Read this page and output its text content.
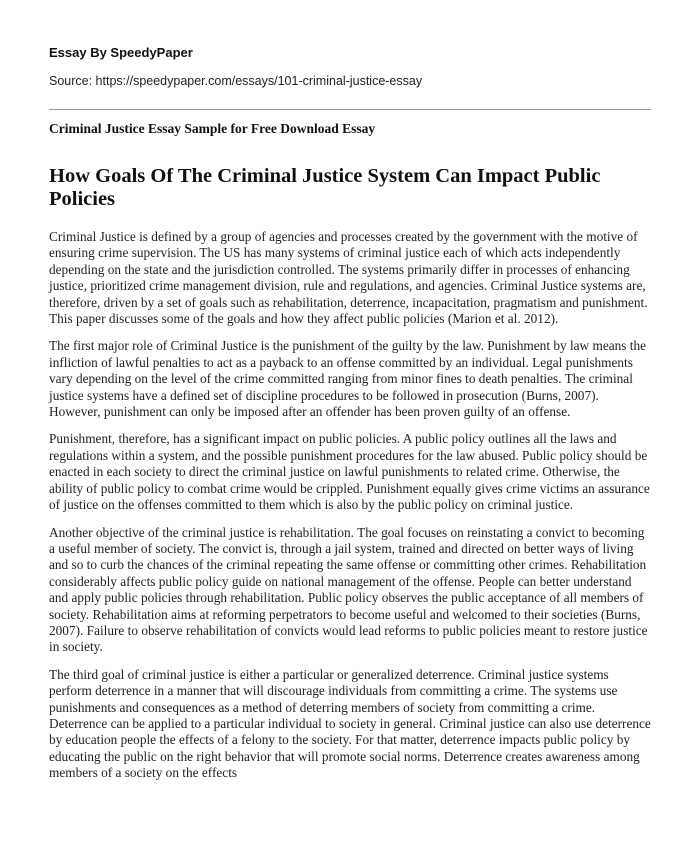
Essay By SpeedyPaper
Source: https://speedypaper.com/essays/101-criminal-justice-essay
Criminal Justice Essay Sample for Free Download Essay
How Goals Of The Criminal Justice System Can Impact Public Policies

Criminal Justice is defined by a group of agencies and processes created by the government with the motive of ensuring crime supervision. The US has many systems of criminal justice each of which acts independently depending on the state and the jurisdiction controlled. The systems primarily differ in processes of enhancing justice, prioritized crime management division, rule and regulations, and agencies. Criminal Justice systems are, therefore, driven by a set of goals such as rehabilitation, deterrence, incapacitation, pragmatism and punishment. This paper discusses some of the goals and how they affect public policies (Marion et al. 2012).

The first major role of Criminal Justice is the punishment of the guilty by the law. Punishment by law means the infliction of lawful penalties to act as a payback to an offense committed by an individual. Legal punishments vary depending on the level of the crime committed ranging from minor fines to death penalties. The criminal justice systems have a defined set of discipline procedures to be followed in prosecution (Burns, 2007). However, punishment can only be imposed after an offender has been proven guilty of an offense.

Punishment, therefore, has a significant impact on public policies. A public policy outlines all the laws and regulations within a system, and the possible punishment procedures for the law abused. Public policy should be enacted in each society to direct the criminal justice on lawful punishments to related crime. Otherwise, the ability of public policy to combat crime would be crippled. Punishment equally gives crime victims an assurance of justice on the offenses committed to them which is also by the public policy on criminal justice.

Another objective of the criminal justice is rehabilitation. The goal focuses on reinstating a convict to becoming a useful member of society. The convict is, through a jail system, trained and directed on better ways of living and so to curb the chances of the criminal repeating the same offense or committing other crimes. Rehabilitation considerably affects public policy guide on national management of the offense. People can better understand and apply public policies through rehabilitation. Public policy observes the public acceptance of all members of society. Rehabilitation aims at reforming perpetrators to become useful and welcomed to their societies (Burns, 2007). Failure to observe rehabilitation of convicts would lead reforms to public policies meant to restore justice in society.

The third goal of criminal justice is either a particular or generalized deterrence. Criminal justice systems perform deterrence in a manner that will discourage individuals from committing a crime. The systems use punishments and consequences as a method of deterring members of society from committing a crime. Deterrence can be applied to a particular individual to society in general. Criminal justice can also use deterrence by education people the effects of a felony to the society. For that matter, deterrence impacts public policy by educating the public on the right behavior that will promote social norms. Deterrence creates awareness among members of a society on the effects
